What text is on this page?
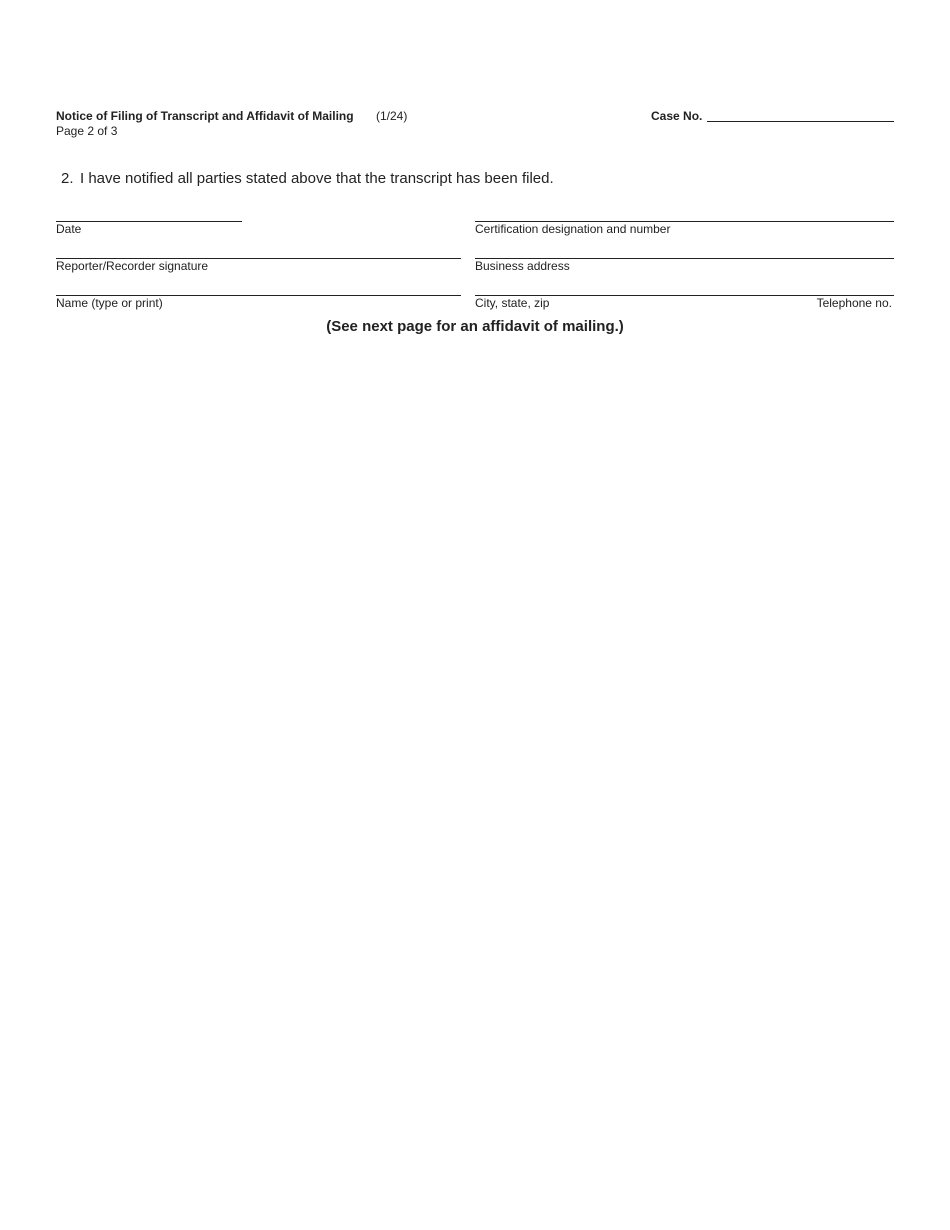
Notice of Filing of Transcript and Affidavit of Mailing (1/24)
Page 2 of 3
Case No.
2. I have notified all parties stated above that the transcript has been filed.
Date	Certification designation and number
Reporter/Recorder signature	Business address
Name (type or print)	City, state, zip	Telephone no.
(See next page for an affidavit of mailing.)
